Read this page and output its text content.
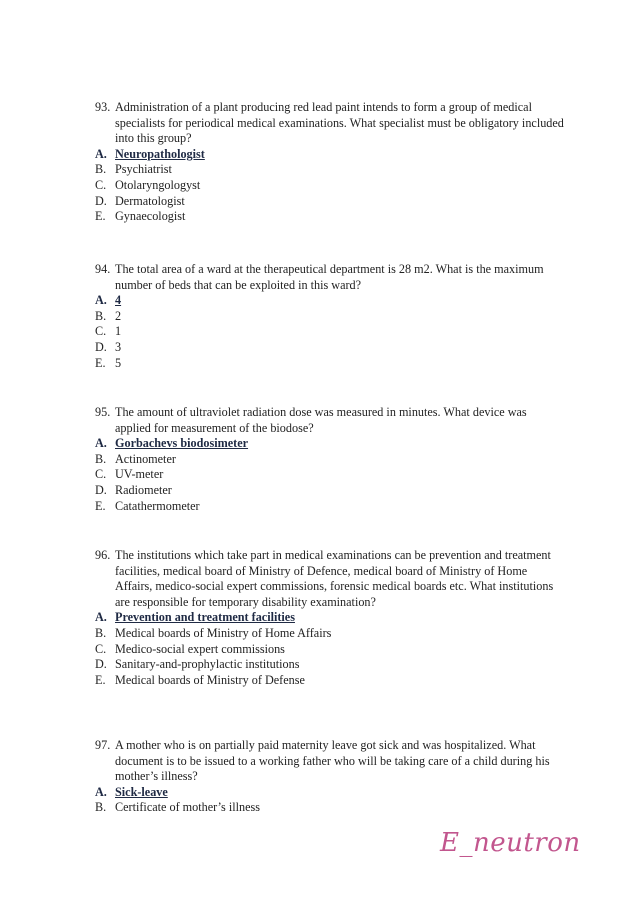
93. Administration of a plant producing red lead paint intends to form a group of medical specialists for periodical medical examinations. What specialist must be obligatory included into this group?
A. Neuropathologist
B. Psychiatrist
C. Otolaryngologyst
D. Dermatologist
E. Gynaecologist
94. The total area of a ward at the therapeutical department is 28 m2. What is the maximum number of beds that can be exploited in this ward?
A. 4
B. 2
C. 1
D. 3
E. 5
95. The amount of ultraviolet radiation dose was measured in minutes. What device was applied for measurement of the biodose?
A. Gorbachevs biodosimeter
B. Actinometer
C. UV-meter
D. Radiometer
E. Catathermometer
96. The institutions which take part in medical examinations can be prevention and treatment facilities, medical board of Ministry of Defence, medical board of Ministry of Home Affairs, medico-social expert commissions, forensic medical boards etc. What institutions are responsible for temporary disability examination?
A. Prevention and treatment facilities
B. Medical boards of Ministry of Home Affairs
C. Medico-social expert commissions
D. Sanitary-and-prophylactic institutions
E. Medical boards of Ministry of Defense
97. A mother who is on partially paid maternity leave got sick and was hospitalized. What document is to be issued to a working father who will be taking care of a child during his mother’s illness?
A. Sick-leave
B. Certificate of mother’s illness
E_neutron
